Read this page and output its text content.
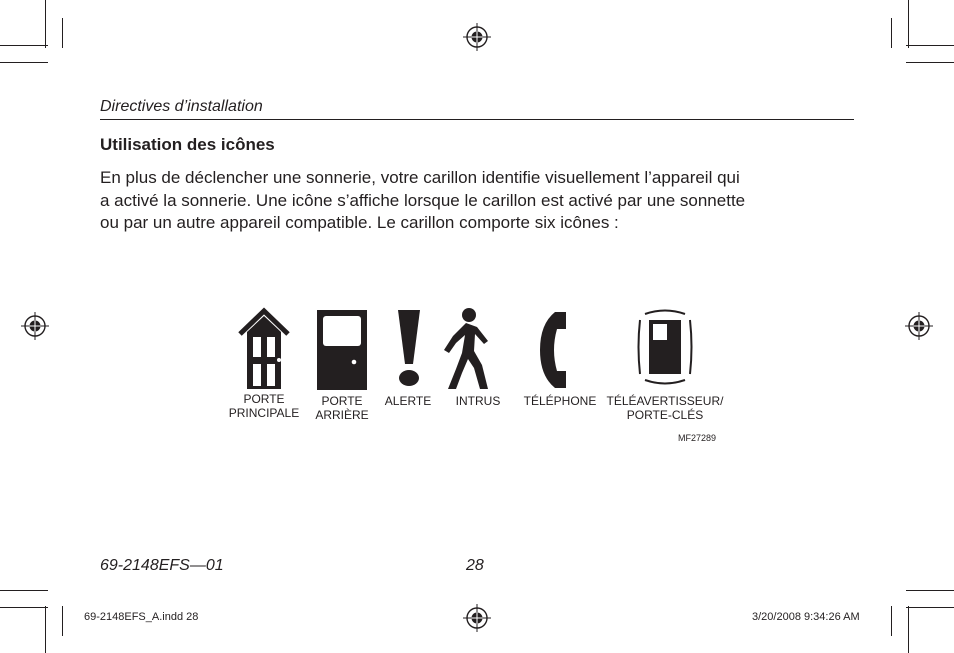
Directives d’installation
Utilisation des icônes
En plus de déclencher une sonnerie, votre carillon identifie visuellement l’appareil qui
a activé la sonnerie. Une icône s’affiche lorsque le carillon est activé par une sonnette
ou par un autre appareil compatible. Le carillon comporte six icônes :
PORTE
PRINCIPALE
PORTE
ARRIÈRE
ALERTE INTRUS TÉLÉPHONE TÉLÉAVERTISSEUR/
PORTE-CLÉS
MF27289
69-2148EFS—01	28
69-2148EFS_A.indd 28	3/20/2008 9:34:26 AM
